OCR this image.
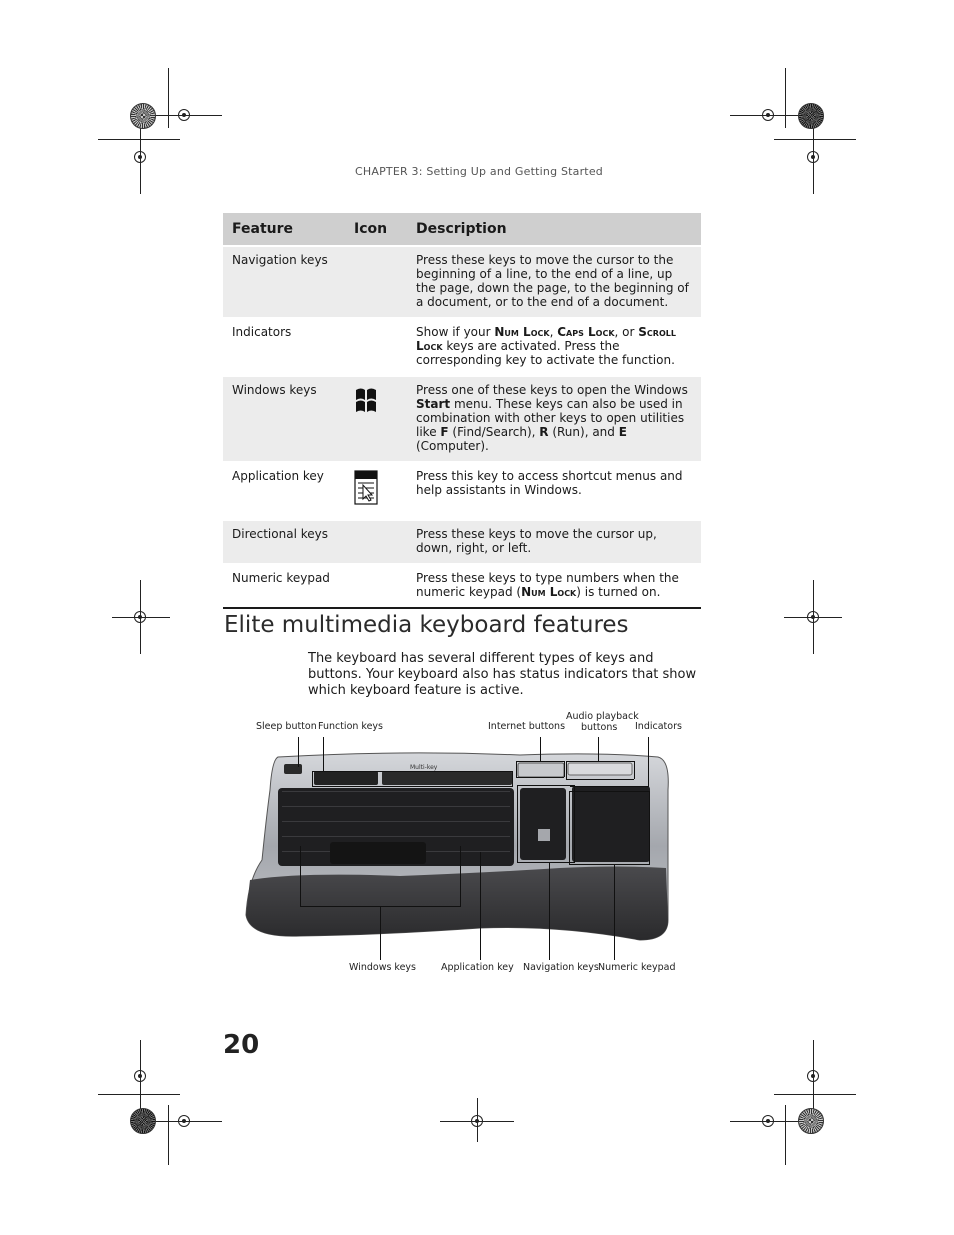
CHAPTER 3: Setting Up and Getting Started
Feature	Icon	Description
Navigation keys		Press these keys to move the cursor to the beginning of a line, to the end of a line, up the page, down the page, to the beginning of a document, or to the end of a document.
Indicators		Show if your Num Lock, Caps Lock, or Scroll Lock keys are activated. Press the corresponding key to activate the function.
Windows keys		Press one of these keys to open the Windows Start menu. These keys can also be used in combination with other keys to open utilities like F (Find/Search), R (Run), and E (Computer).
Application key		Press this key to access shortcut menus and help assistants in Windows.
Directional keys		Press these keys to move the cursor up, down, right, or left.
Numeric keypad		Press these keys to type numbers when the numeric keypad (Num Lock) is turned on.
Elite multimedia keyboard features
The keyboard has several different types of keys and buttons. Your keyboard also has status indicators that show which keyboard feature is active.
Multi-key
Sleep button Function keys	Internet buttons
Audio playback
buttons Indicators
Windows keys	Application key Navigation keys Numeric keypad
20
